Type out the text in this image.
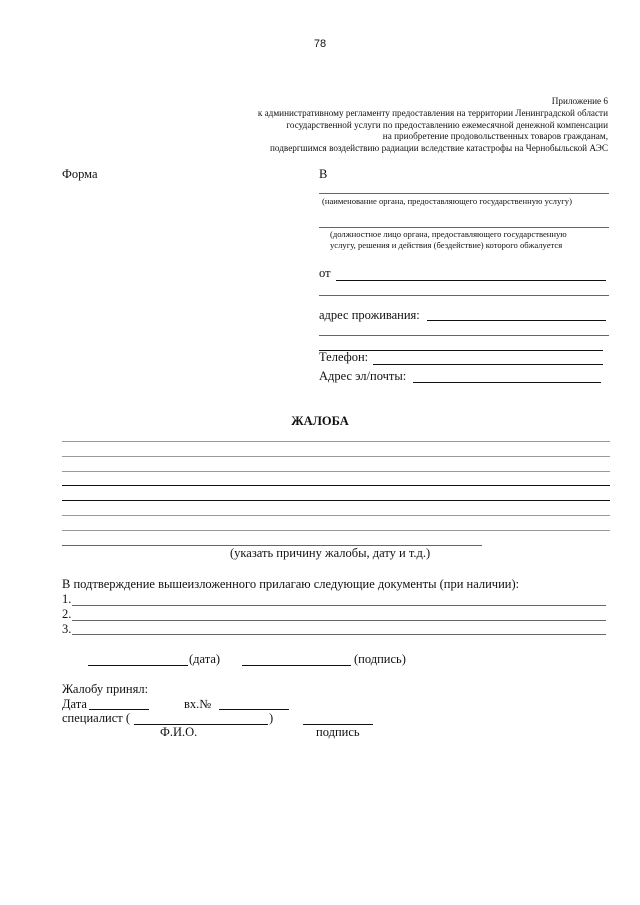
78
Приложение 6
к административному регламенту предоставления на территории Ленинградской области
государственной услуги по предоставлению ежемесячной денежной компенсации
на приобретение продовольственных товаров гражданам,
подвергшимся воздействию радиации вследствие катастрофы на Чернобыльской АЭС
Форма	В
(наименование органа, предоставляющего государственную услугу)
(должностное лицо органа, предоставляющего государственную
услугу, решения и действия (бездействие) которого обжалуется
от
адрес проживания:
Телефон:
Адрес эл/почты:
ЖАЛОБА
(указать причину жалобы, дату и т.д.)
В подтверждение вышеизложенного прилагаю следующие документы (при наличии):
1.
2.
3.
(дата)	(подпись)
Жалобу принял:
Дата	вх.№
специалист (	)
Ф.И.О.	подпись
